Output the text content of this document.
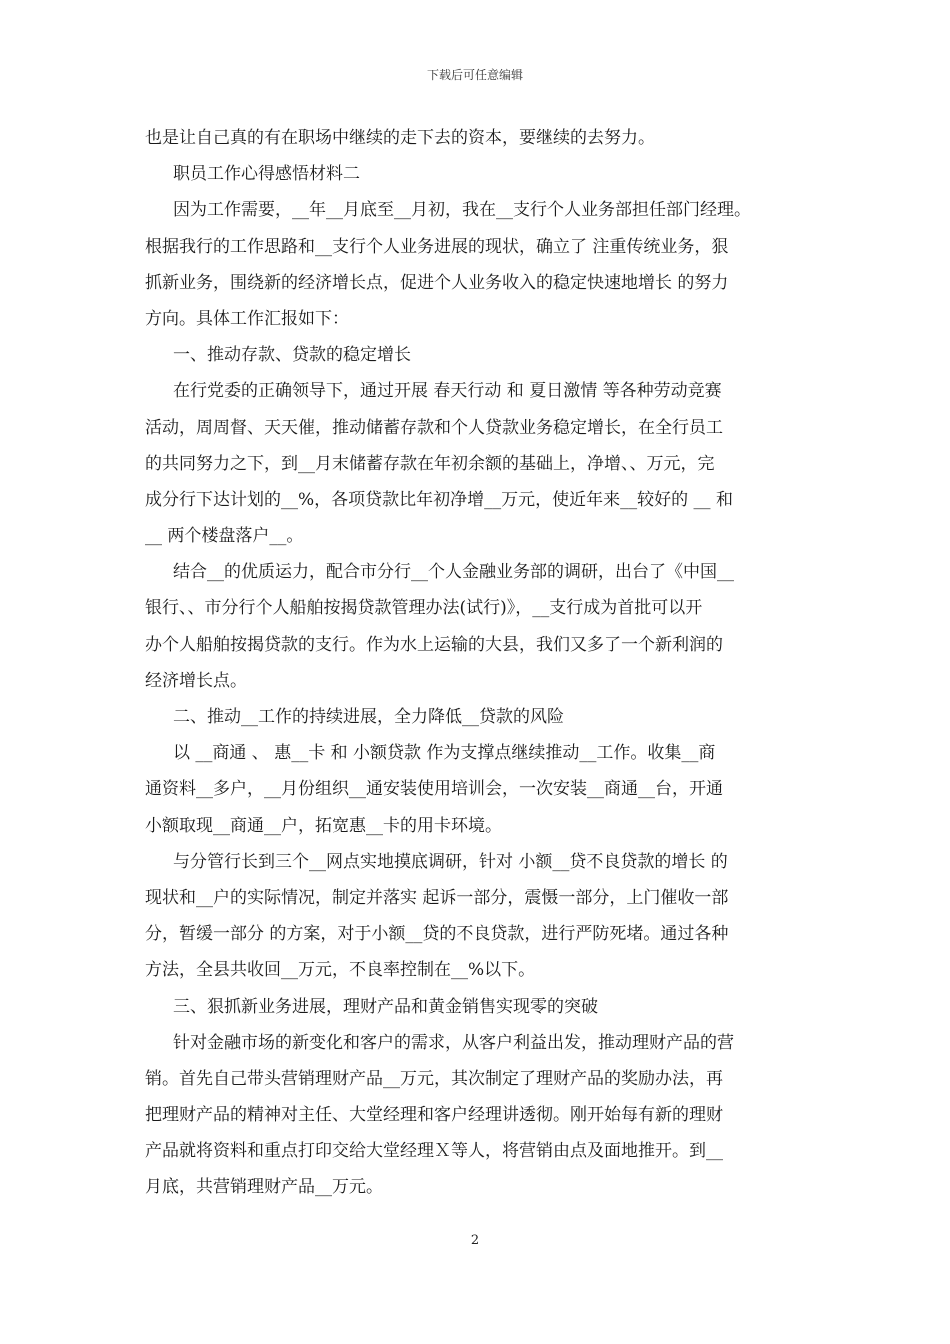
下载后可任意编辑
也是让自己真的有在职场中继续的走下去的资本，要继续的去努力。
职员工作心得感悟材料二
因为工作需要，__年__月底至__月初，我在__支行个人业务部担任部门经理。
根据我行的工作思路和__支行个人业务进展的现状，确立了 注重传统业务，狠
抓新业务，围绕新的经济增长点，促进个人业务收入的稳定快速地增长 的努力
方向。具体工作汇报如下：
一、推动存款、贷款的稳定增长
在行党委的正确领导下，通过开展 春天行动 和 夏日激情 等各种劳动竞赛
活动，周周督、天天催，推动储蓄存款和个人贷款业务稳定增长，在全行员工
的共同努力之下，到__月末储蓄存款在年初余额的基础上，净增、、万元，完
成分行下达计划的__%，各项贷款比年初净增__万元，使近年来__较好的 __ 和
__ 两个楼盘落户__。
结合__的优质运力，配合市分行__个人金融业务部的调研，出台了《中国__
银行、、市分行个人船舶按揭贷款管理办法(试行)》，__支行成为首批可以开
办个人船舶按揭贷款的支行。作为水上运输的大县，我们又多了一个新利润的
经济增长点。
二、推动__工作的持续进展，全力降低__贷款的风险
以 __商通 、 惠__卡 和 小额贷款 作为支撑点继续推动__工作。收集__商
通资料__多户，__月份组织__通安装使用培训会，一次安装__商通__台，开通
小额取现__商通__户，拓宽惠__卡的用卡环境。
与分管行长到三个__网点实地摸底调研，针对 小额__贷不良贷款的增长 的
现状和__户的实际情况，制定并落实 起诉一部分，震慑一部分，上门催收一部
分，暂缓一部分 的方案，对于小额__贷的不良贷款，进行严防死堵。通过各种
方法，全县共收回__万元，不良率控制在__%以下。
三、狠抓新业务进展，理财产品和黄金销售实现零的突破
针对金融市场的新变化和客户的需求，从客户利益出发，推动理财产品的营
销。首先自己带头营销理财产品__万元，其次制定了理财产品的奖励办法，再
把理财产品的精神对主任、大堂经理和客户经理讲透彻。刚开始每有新的理财
产品就将资料和重点打印交给大堂经理Ｘ等人，将营销由点及面地推开。到__
月底，共营销理财产品__万元。
2
